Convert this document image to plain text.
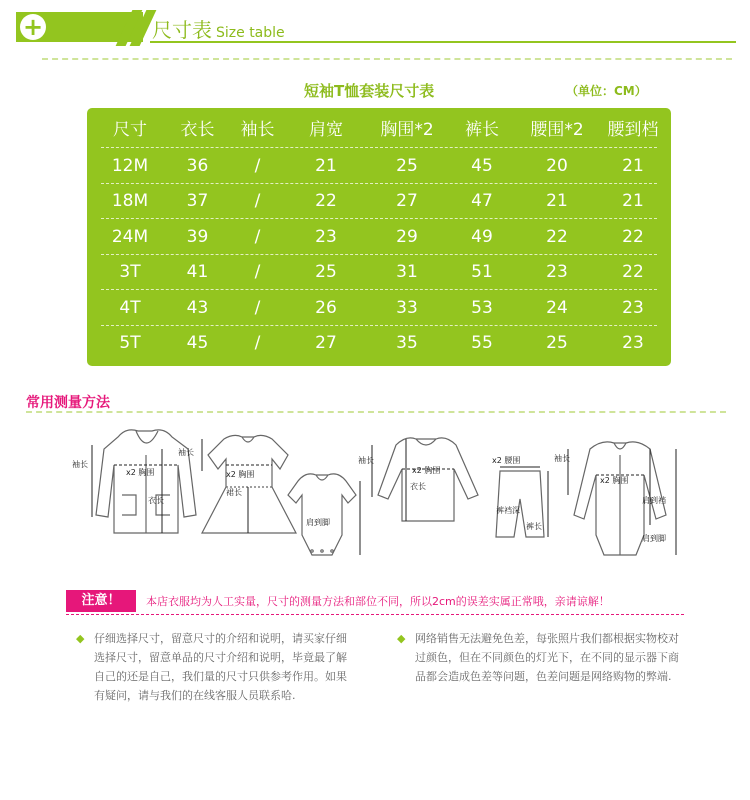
+	尺寸表 Size table
短袖T恤套装尺寸表	（单位：CM）
尺寸	衣长	袖长	肩宽	胸围*2	裤长	腰围*2	腰到档
12M	36	/	21	25	45	20	21
18M	37	/	22	27	47	21	21
24M	39	/	23	29	49	22	22
3T	41	/	25	31	51	23	22
4T	43	/	26	33	53	24	23
5T	45	/	27	35	55	25	23
常用测量方法
袖长
x2 胸围
衣长
袖长
x2 胸围
裙长
肩到脚
袖长
x2 胸围
衣长
x2 腰围
裤裆深
裤长
袖长
x2 胸围
肩到裆
肩到脚
注意！	本店衣服均为人工实量，尺寸的测量方法和部位不同，所以2cm的误差实属正常哦，亲请谅解！
◆ 仔细选择尺寸，留意尺寸的介绍和说明，请买家仔细选择尺寸，留意单品的尺寸介绍和说明，毕竟最了解自己的还是自己，我们量的尺寸只供参考作用。如果有疑问，请与我们的在线客服人员联系哈.
◆ 网络销售无法避免色差，每张照片我们都根据实物校对过颜色，但在不同颜色的灯光下，在不同的显示器下商品都会造成色差等问题，色差问题是网络购物的弊端.
